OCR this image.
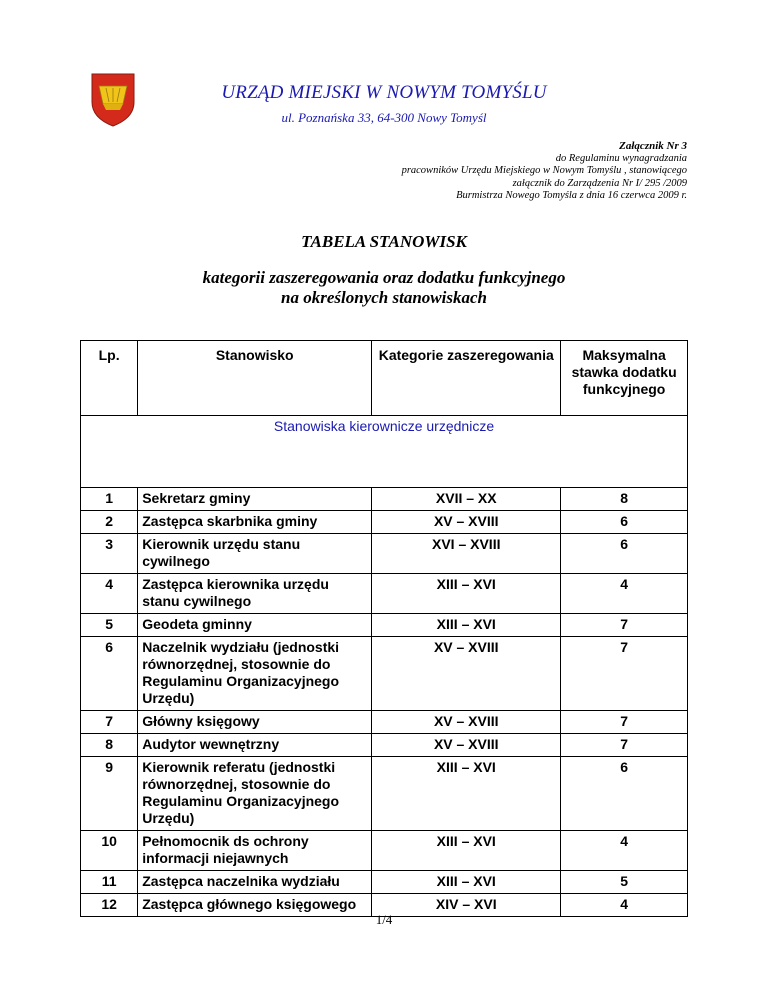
URZĄD MIEJSKI W NOWYM TOMYŚLU
ul. Poznańska 33, 64-300 Nowy Tomyśl
Załącznik Nr 3
do Regulaminu wynagradzania
pracowników Urzędu Miejskiego w Nowym Tomyślu , stanowiącego
załącznik do Zarządzenia Nr I/ 295 /2009
Burmistrza Nowego Tomyśla z dnia 16 czerwca 2009 r.
TABELA STANOWISK
kategorii zaszeregowania oraz dodatku funkcyjnego
na określonych stanowiskach
Lp.	Stanowisko	Kategorie zaszeregowania	Maksymalna stawka dodatku funkcyjnego
Stanowiska kierownicze urzędnicze			
1	Sekretarz gminy	XVII – XX	8
2	Zastępca skarbnika gminy	XV – XVIII	6
3	Kierownik urzędu stanu cywilnego	XVI – XVIII	6
4	Zastępca kierownika urzędu stanu cywilnego	XIII – XVI	4
5	Geodeta gminny	XIII – XVI	7
6	Naczelnik wydziału (jednostki równorzędnej, stosownie do Regulaminu Organizacyjnego Urzędu)	XV – XVIII	7
7	Główny księgowy	XV – XVIII	7
8	Audytor wewnętrzny	XV – XVIII	7
9	Kierownik referatu (jednostki równorzędnej, stosownie do Regulaminu Organizacyjnego Urzędu)	XIII – XVI	6
10	Pełnomocnik ds ochrony informacji niejawnych	XIII – XVI	4
11	Zastępca naczelnika wydziału	XIII – XVI	5
12	Zastępca głównego księgowego	XIV – XVI	4
1/4
